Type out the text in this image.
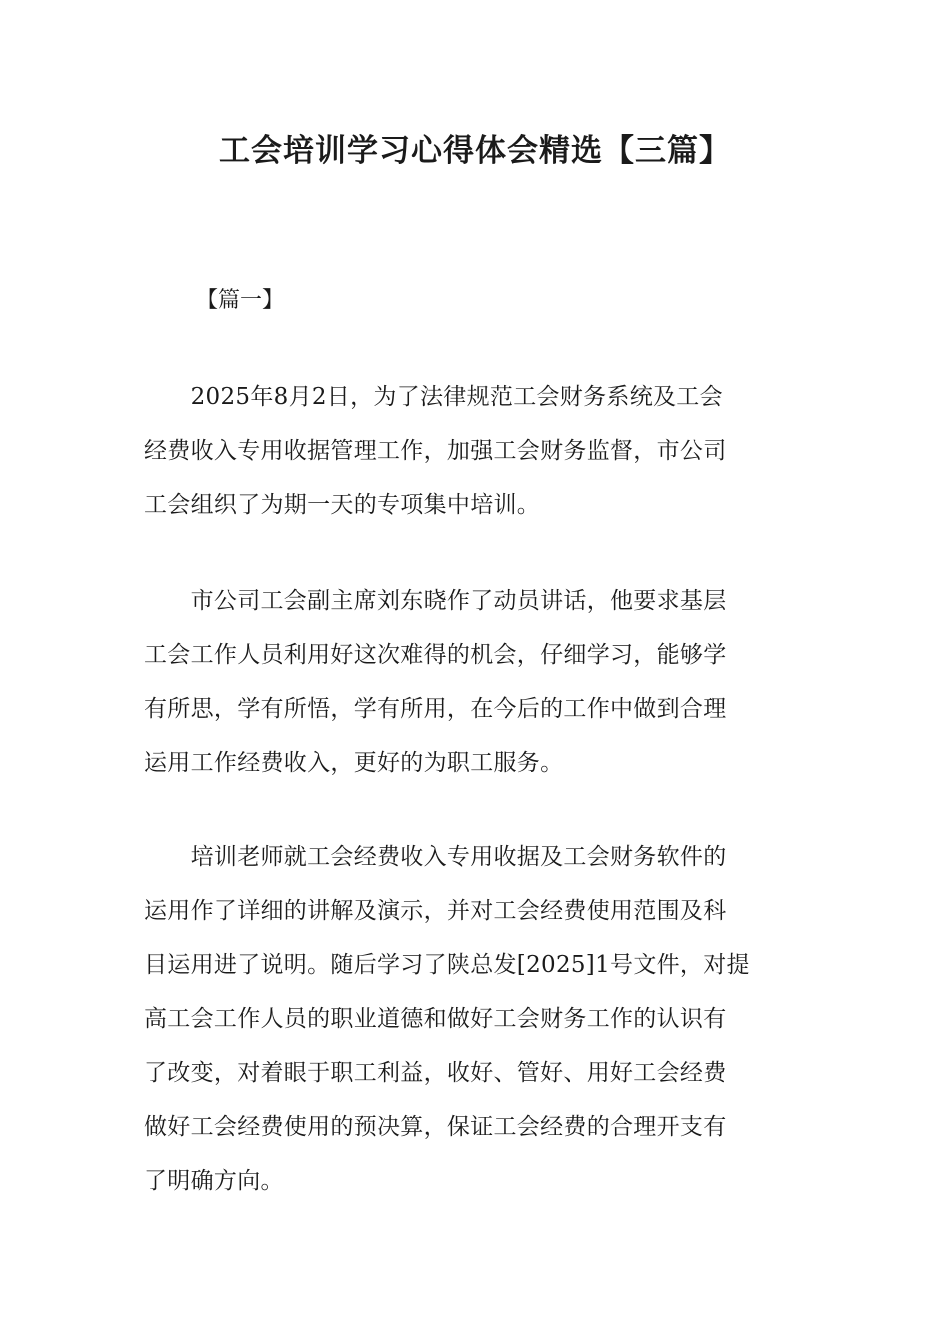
工会培训学习心得体会精选【三篇】

【篇一】

　　2025年8月2日，为了法律规范工会财务系统及工会
经费收入专用收据管理工作，加强工会财务监督，市公司
工会组织了为期一天的专项集中培训。

　　市公司工会副主席刘东晓作了动员讲话，他要求基层
工会工作人员利用好这次难得的机会，仔细学习，能够学
有所思，学有所悟，学有所用，在今后的工作中做到合理
运用工作经费收入，更好的为职工服务。

　　培训老师就工会经费收入专用收据及工会财务软件的
运用作了详细的讲解及演示，并对工会经费使用范围及科
目运用进了说明。随后学习了陕总发[2025]1号文件，对提
高工会工作人员的职业道德和做好工会财务工作的认识有
了改变，对着眼于职工利益，收好、管好、用好工会经费
做好工会经费使用的预决算，保证工会经费的合理开支有
了明确方向。
